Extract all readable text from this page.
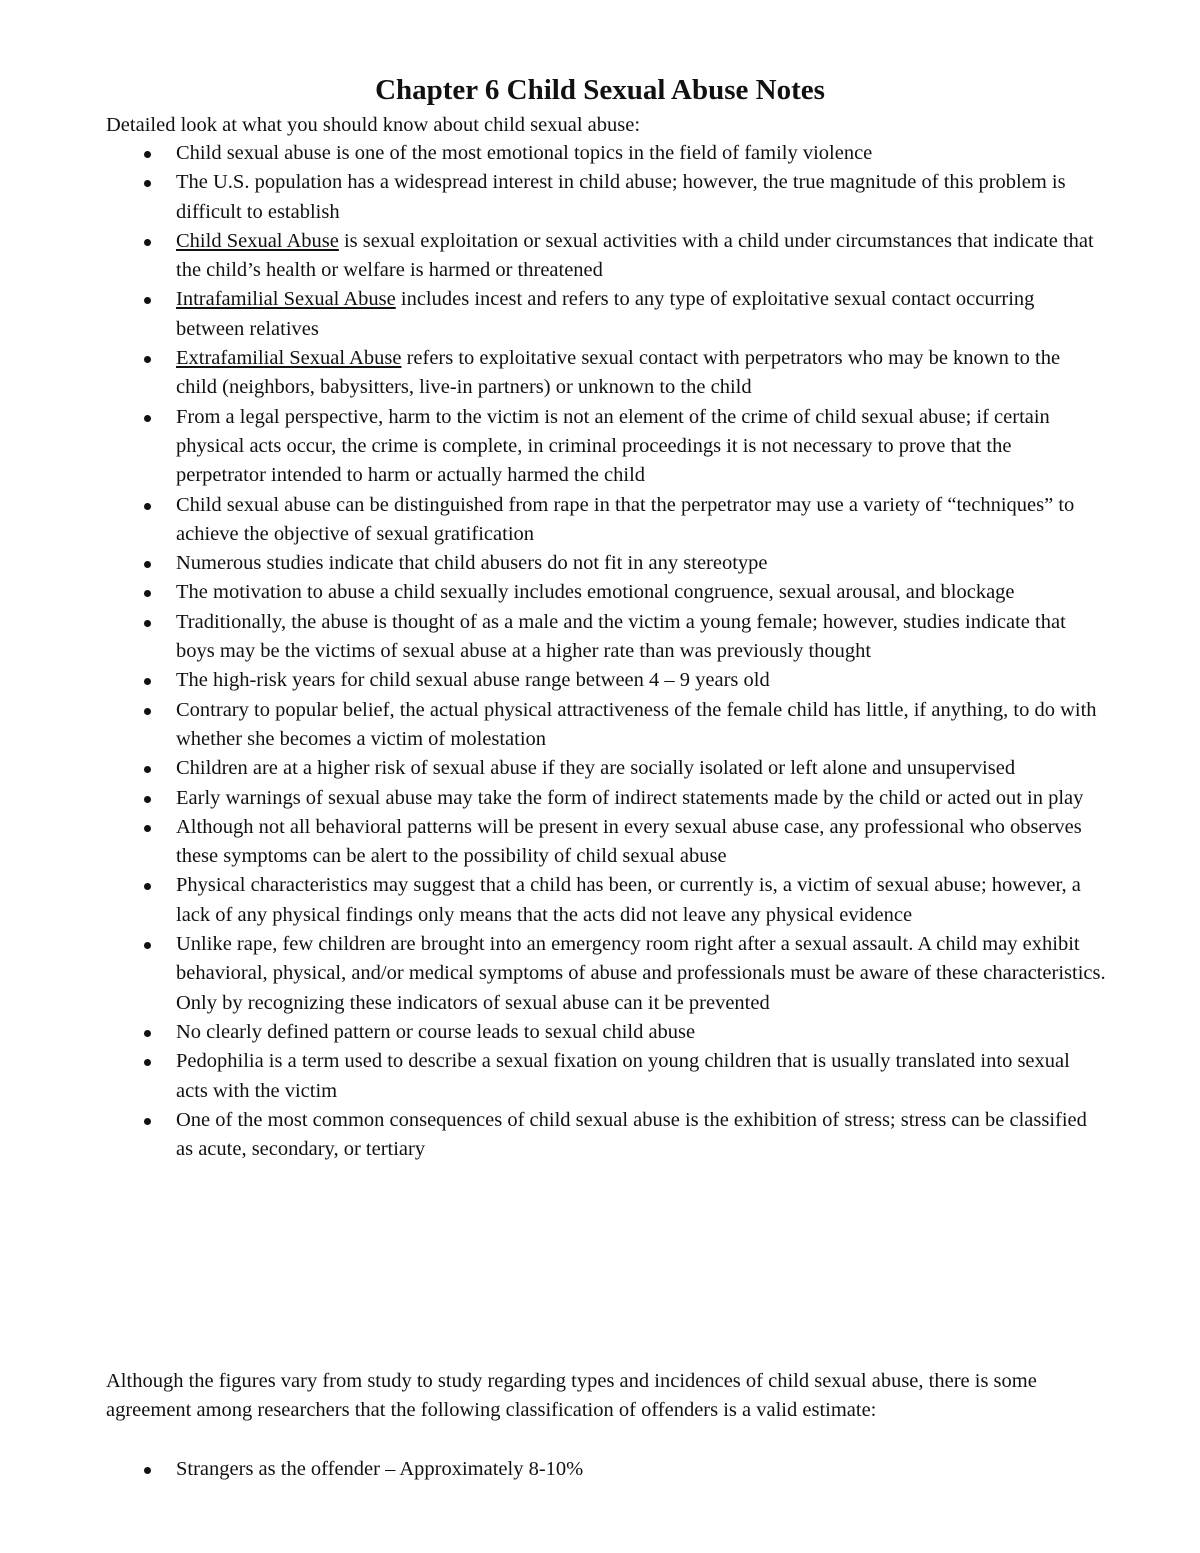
Chapter 6 Child Sexual Abuse Notes

Detailed look at what you should know about child sexual abuse:

Child sexual abuse is one of the most emotional topics in the field of family violence
The U.S. population has a widespread interest in child abuse; however, the true magnitude of this problem is difficult to establish
Child Sexual Abuse is sexual exploitation or sexual activities with a child under circumstances that indicate that the child’s health or welfare is harmed or threatened
Intrafamilial Sexual Abuse includes incest and refers to any type of exploitative sexual contact occurring between relatives
Extrafamilial Sexual Abuse refers to exploitative sexual contact with perpetrators who may be known to the child (neighbors, babysitters, live-in partners) or unknown to the child
From a legal perspective, harm to the victim is not an element of the crime of child sexual abuse; if certain physical acts occur, the crime is complete, in criminal proceedings it is not necessary to prove that the perpetrator intended to harm or actually harmed the child
Child sexual abuse can be distinguished from rape in that the perpetrator may use a variety of “techniques” to achieve the objective of sexual gratification
Numerous studies indicate that child abusers do not fit in any stereotype
The motivation to abuse a child sexually includes emotional congruence, sexual arousal, and blockage
Traditionally, the abuse is thought of as a male and the victim a young female; however, studies indicate that boys may be the victims of sexual abuse at a higher rate than was previously thought
The high-risk years for child sexual abuse range between 4 – 9 years old
Contrary to popular belief, the actual physical attractiveness of the female child has little, if anything, to do with whether she becomes a victim of molestation
Children are at a higher risk of sexual abuse if they are socially isolated or left alone and unsupervised
Early warnings of sexual abuse may take the form of indirect statements made by the child or acted out in play
Although not all behavioral patterns will be present in every sexual abuse case, any professional who observes these symptoms can be alert to the possibility of child sexual abuse
Physical characteristics may suggest that a child has been, or currently is, a victim of sexual abuse; however, a lack of any physical findings only means that the acts did not leave any physical evidence
Unlike rape, few children are brought into an emergency room right after a sexual assault. A child may exhibit behavioral, physical, and/or medical symptoms of abuse and professionals must be aware of these characteristics. Only by recognizing these indicators of sexual abuse can it be prevented
No clearly defined pattern or course leads to sexual child abuse
Pedophilia is a term used to describe a sexual fixation on young children that is usually translated into sexual acts with the victim
One of the most common consequences of child sexual abuse is the exhibition of stress; stress can be classified as acute, secondary, or tertiary

Although the figures vary from study to study regarding types and incidences of child sexual abuse, there is some agreement among researchers that the following classification of offenders is a valid estimate:

Strangers as the offender – Approximately 8-10%
